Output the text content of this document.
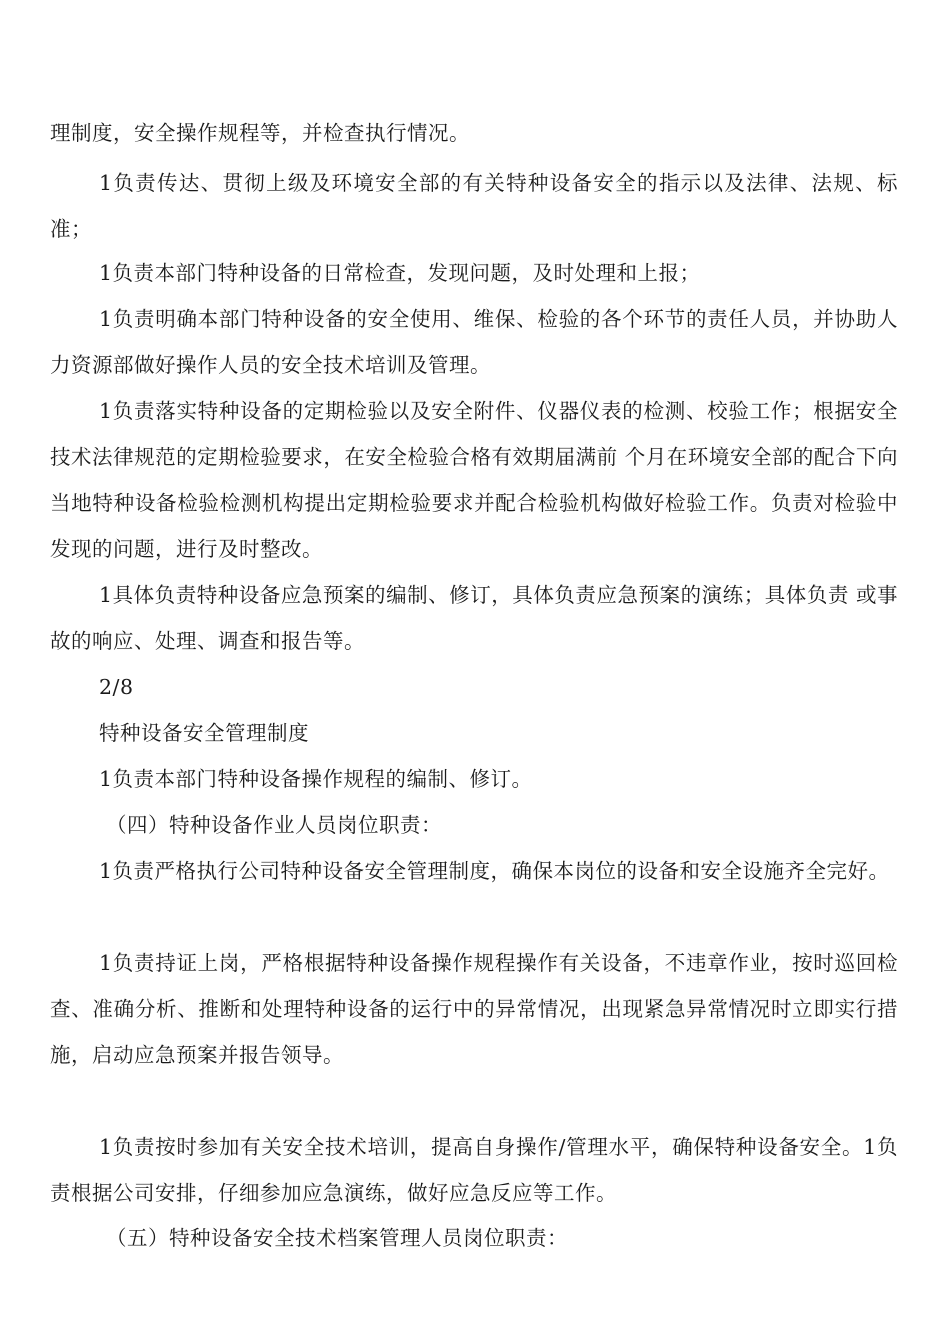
理制度，安全操作规程等，并检查执行情况。

1负责传达、贯彻上级及环境安全部的有关特种设备安全的指示以及法律、法规、标准；

1负责本部门特种设备的日常检查，发现问题，及时处理和上报；

1负责明确本部门特种设备的安全使用、维保、检验的各个环节的责任人员，并协助人力资源部做好操作人员的安全技术培训及管理。

1负责落实特种设备的定期检验以及安全附件、仪器仪表的检测、校验工作；根据安全技术法律规范的定期检验要求，在安全检验合格有效期届满前 个月在环境安全部的配合下向当地特种设备检验检测机构提出定期检验要求并配合检验机构做好检验工作。负责对检验中发现的问题，进行及时整改。

1具体负责特种设备应急预案的编制、修订，具体负责应急预案的演练；具体负责 或事故的响应、处理、调查和报告等。

2/8

特种设备安全管理制度

1负责本部门特种设备操作规程的编制、修订。

（四）特种设备作业人员岗位职责：

1负责严格执行公司特种设备安全管理制度，确保本岗位的设备和安全设施齐全完好。

1负责持证上岗，严格根据特种设备操作规程操作有关设备，不违章作业，按时巡回检查、准确分析、推断和处理特种设备的运行中的异常情况，出现紧急异常情况时立即实行措施，启动应急预案并报告领导。

1负责按时参加有关安全技术培训，提高自身操作/管理水平，确保特种设备安全。1负责根据公司安排，仔细参加应急演练，做好应急反应等工作。

（五）特种设备安全技术档案管理人员岗位职责：
